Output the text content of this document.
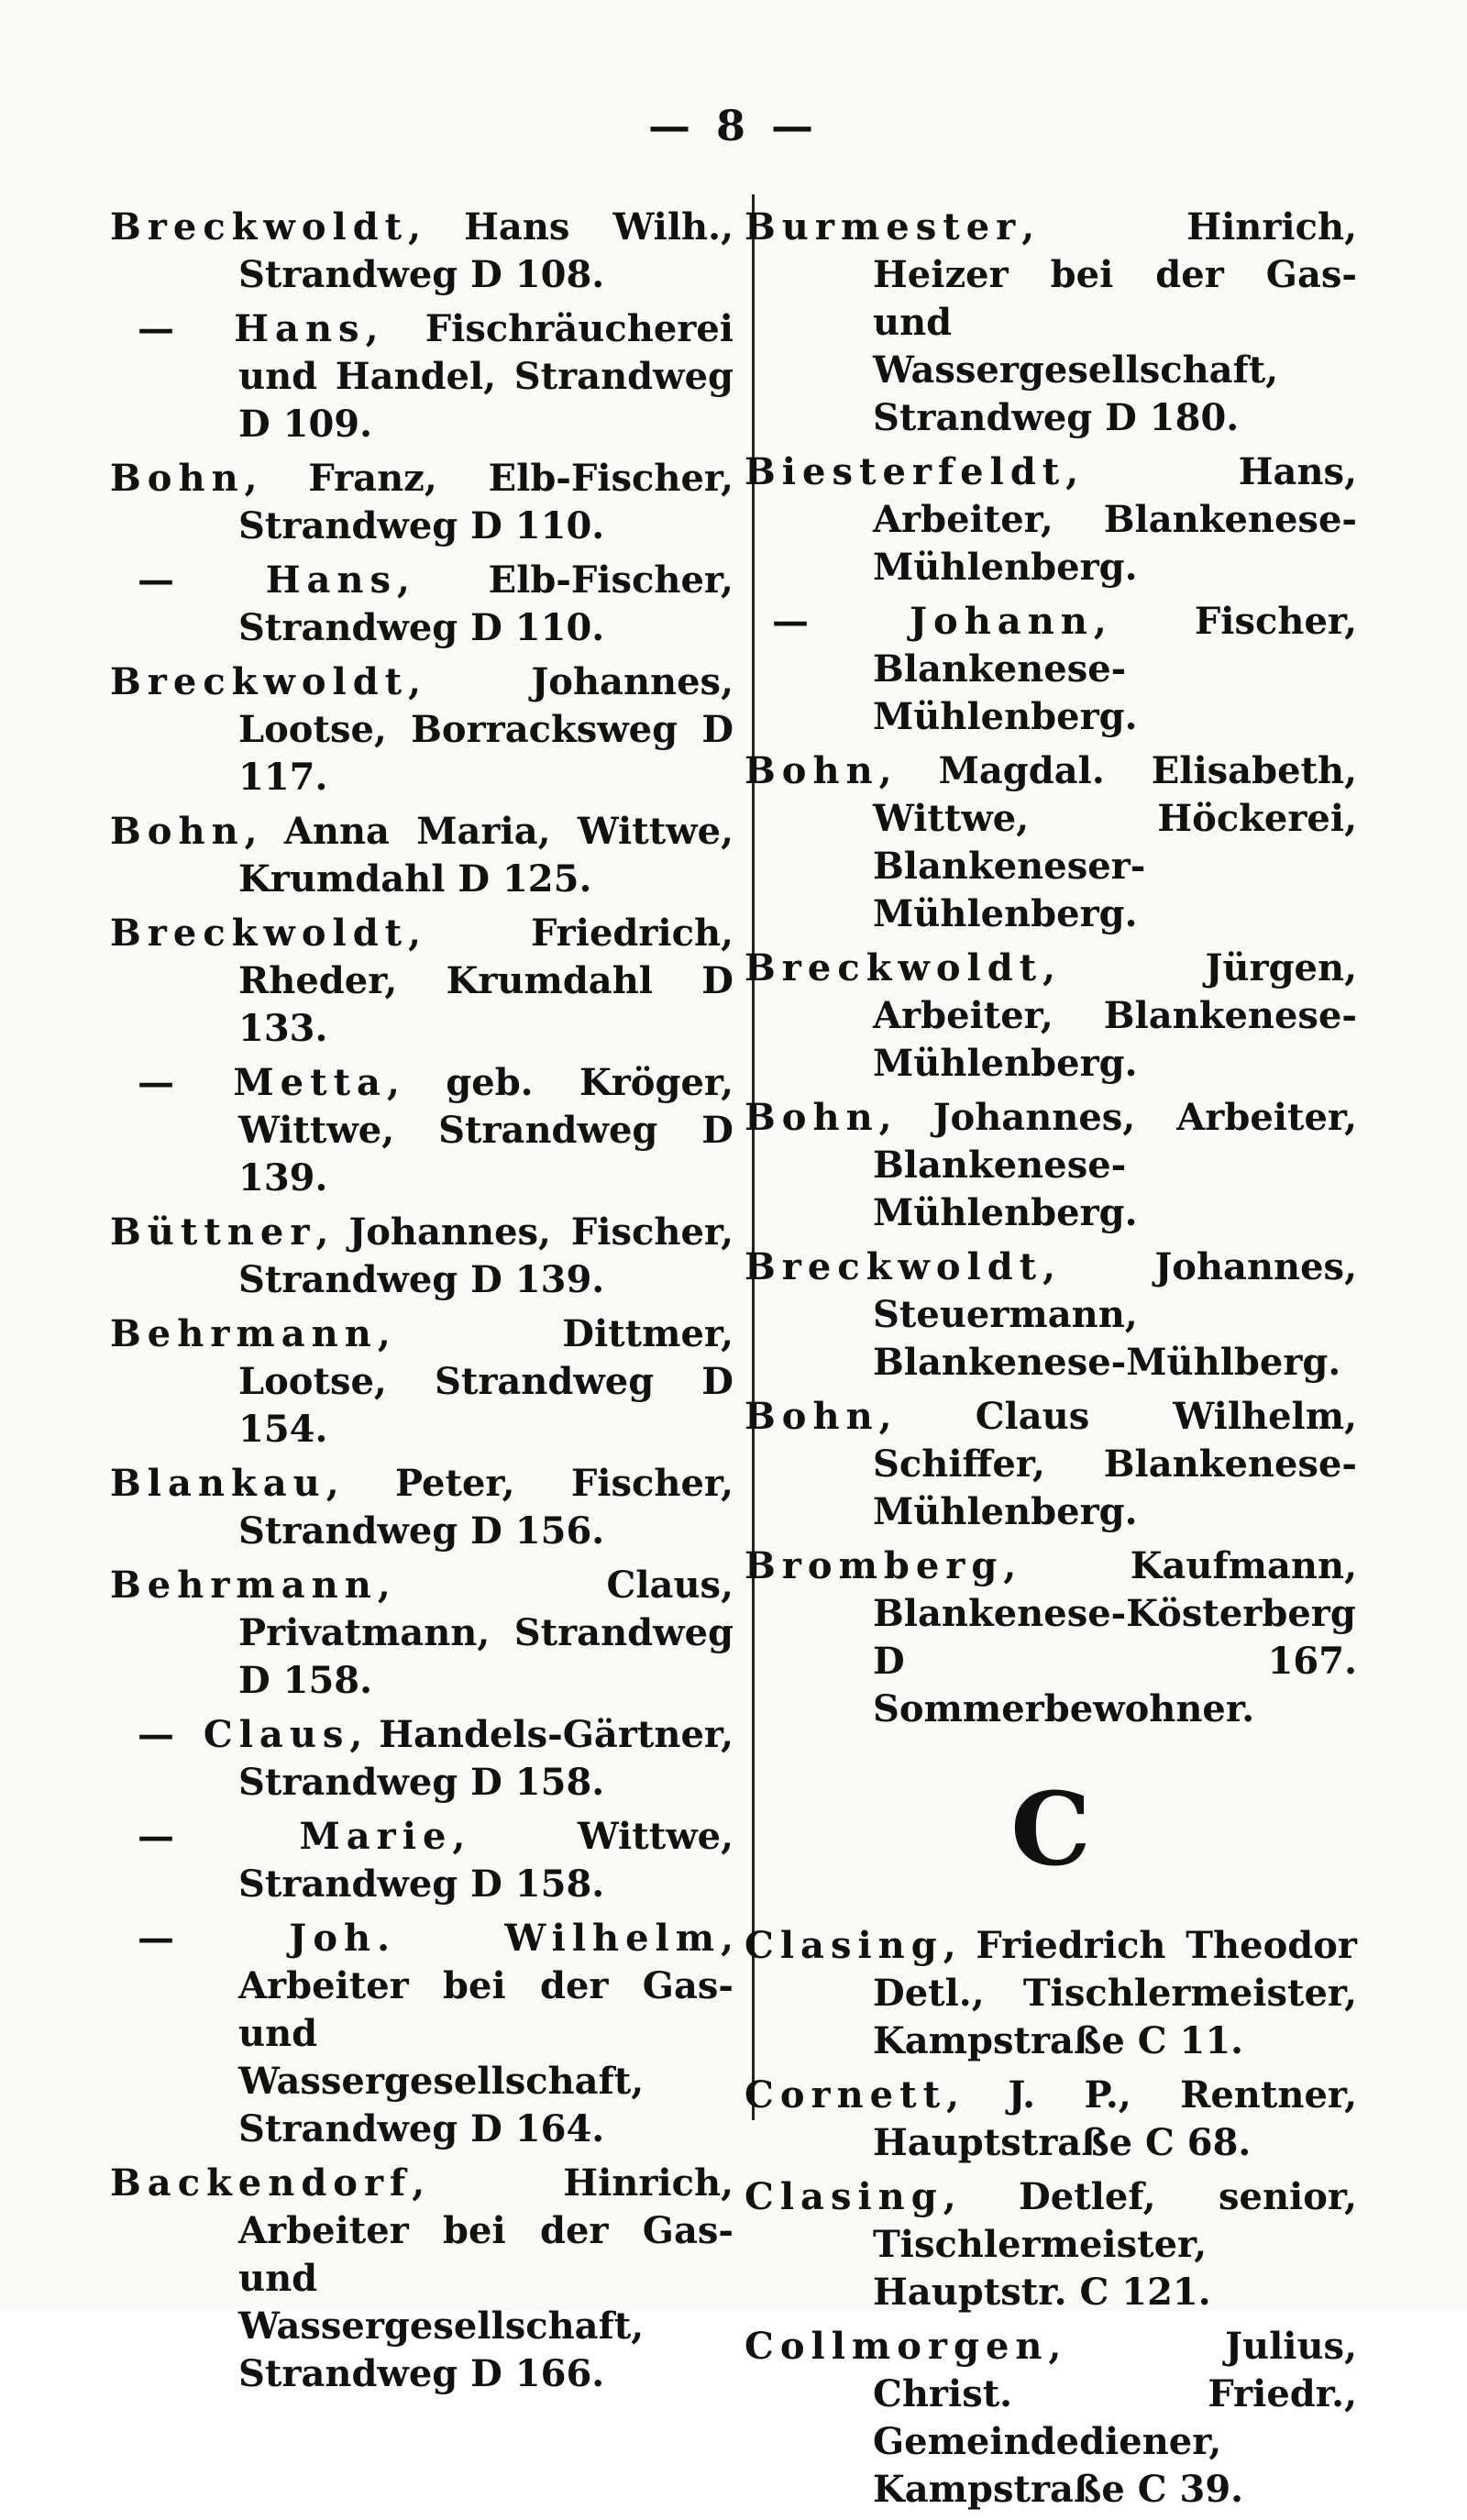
— 8 —
Breckwoldt, Hans Wilh., Strandweg D 108.
— Hans, Fischräucherei und Handel, Strandweg D 109.
Bohn, Franz, Elb-Fischer, Strandweg D 110.
— Hans, Elb-Fischer, Strandweg D 110.
Breckwoldt, Johannes, Lootse, Borracksweg D 117.
Bohn, Anna Maria, Wittwe, Krumdahl D 125.
Breckwoldt, Friedrich, Rheder, Krumdahl D 133.
— Metta, geb. Kröger, Wittwe, Strandweg D 139.
Büttner, Johannes, Fischer, Strandweg D 139.
Behrmann, Dittmer, Lootse, Strandweg D 154.
Blankau, Peter, Fischer, Strandweg D 156.
Behrmann, Claus, Privatmann, Strandweg D 158.
— Claus, Handels-Gärtner, Strandweg D 158.
— Marie, Wittwe, Strandweg D 158.
— Joh. Wilhelm, Arbeiter bei der Gas- und Wassergesellschaft, Strandweg D 164.
Backendorf, Hinrich, Arbeiter bei der Gas- und Wassergesellschaft, Strandweg D 166.
Burmester, Hinrich, Heizer bei der Gas- und Wassergesellschaft, Strandweg D 180.
Biesterfeldt, Hans, Arbeiter, Blankenese-Mühlenberg.
— Johann, Fischer, Blankenese-Mühlenberg.
Bohn, Magdal. Elisabeth, Wittwe, Höckerei, Blankeneser-Mühlenberg.
Breckwoldt, Jürgen, Arbeiter, Blankenese-Mühlenberg.
Bohn, Johannes, Arbeiter, Blankenese-Mühlenberg.
Breckwoldt, Johannes, Steuermann, Blankenese-Mühlberg.
Bohn, Claus Wilhelm, Schiffer, Blankenese-Mühlenberg.
Bromberg, Kaufmann, Blankenese-Kösterberg D 167. Sommerbewohner.
C
Clasing, Friedrich Theodor Detl., Tischlermeister, Kampstraße C 11.
Cornett, J. P., Rentner, Hauptstraße C 68.
Clasing, Detlef, senior, Tischlermeister, Hauptstr. C 121.
Collmorgen, Julius, Christ. Friedr., Gemeindediener, Kampstraße C 39.
